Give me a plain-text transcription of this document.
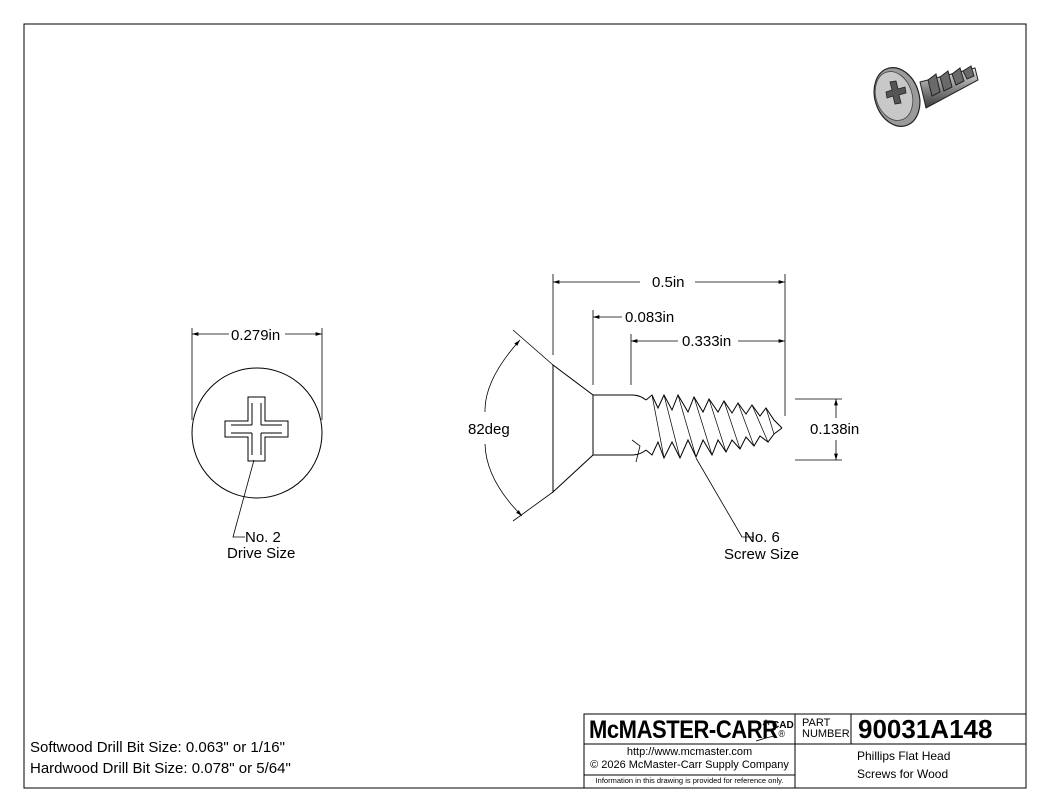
0.279in
No. 2
Drive Size
0.5in
0.083in
0.333in
0.138in
82deg
No. 6
Screw Size
Softwood Drill Bit Size: 0.063" or 1/16"
Hardwood Drill Bit Size: 0.078" or 5/64"
McMASTER-CARR®
CAD PART
NUMBER 90031A148
http://www.mcmaster.com
© 2026 McMaster-Carr Supply Company
Information in this drawing is provided for reference only.
Phillips Flat Head
Screws for Wood
